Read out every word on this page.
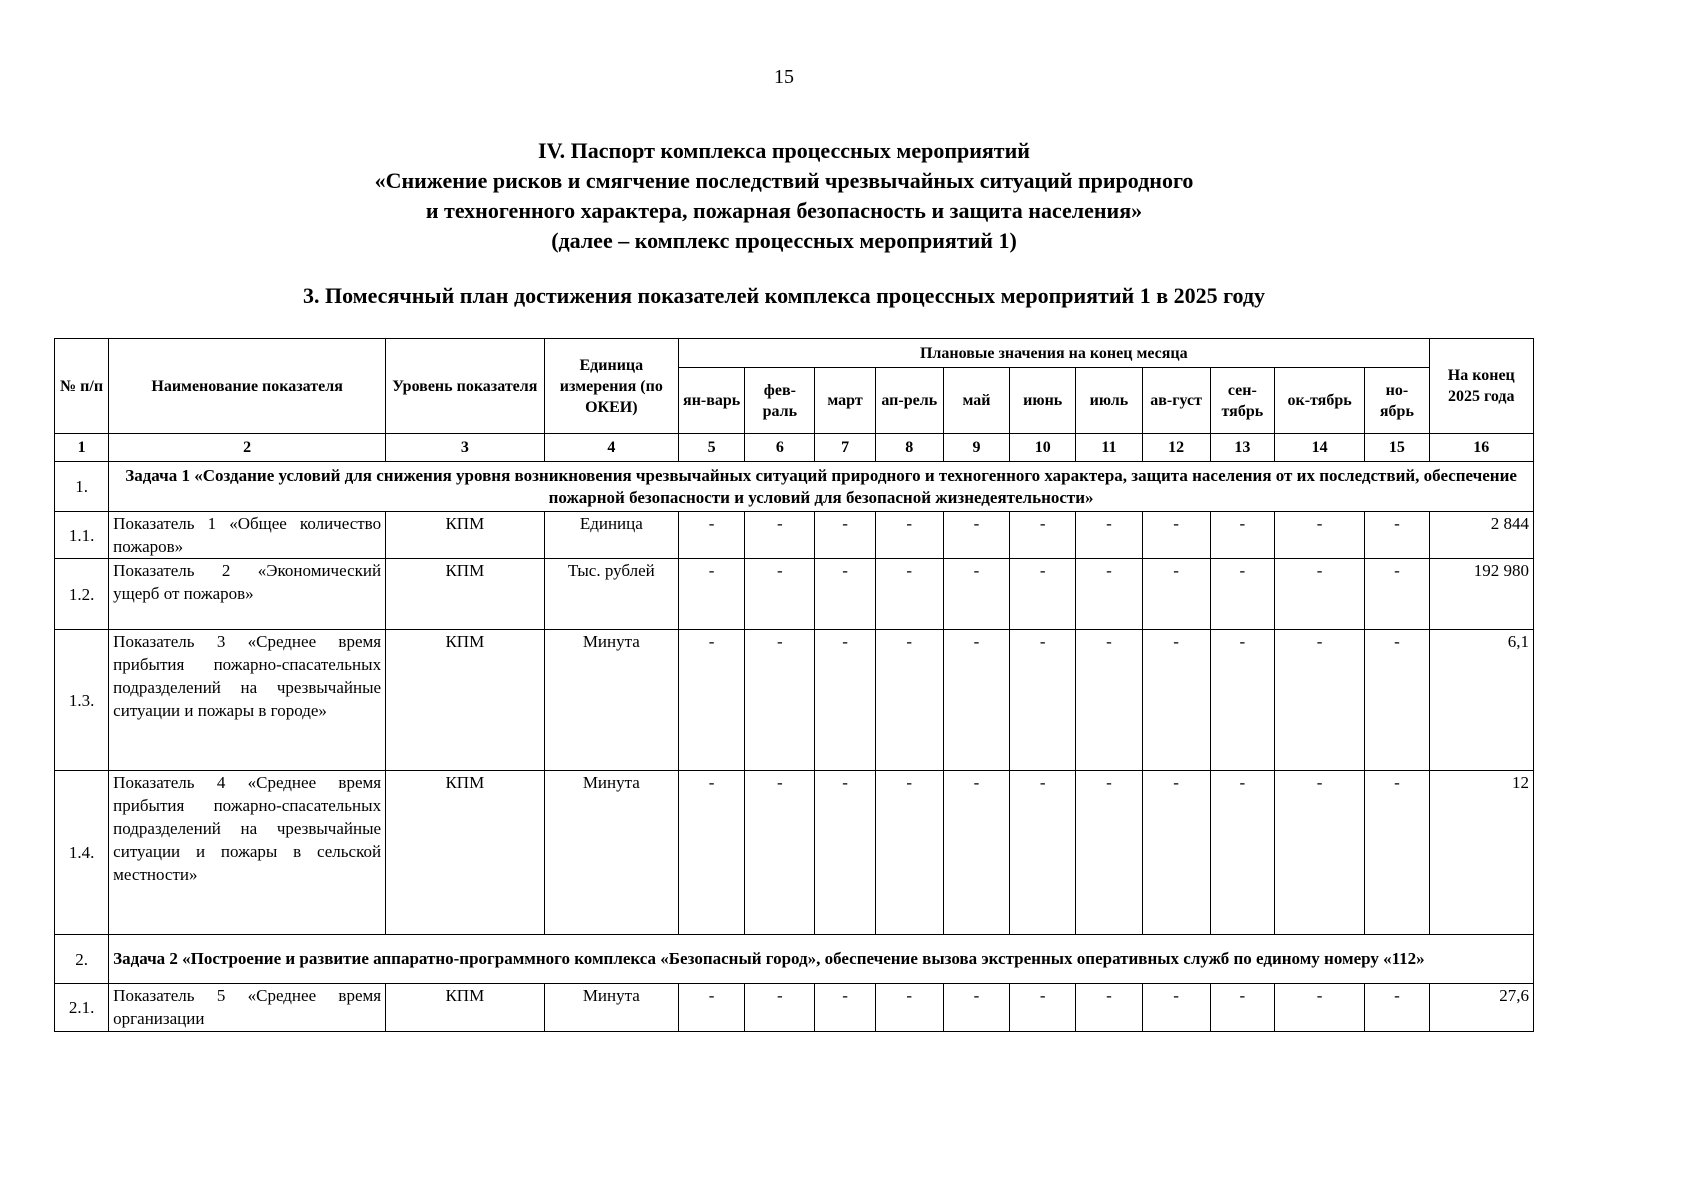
15
IV. Паспорт комплекса процессных мероприятий
«Снижение рисков и смягчение последствий чрезвычайных ситуаций природного
и техногенного характера, пожарная безопасность и защита населения»
(далее – комплекс процессных мероприятий 1)
3. Помесячный план достижения показателей комплекса процессных мероприятий 1 в 2025 году
№ п/п	Наименование показателя	Уровень показателя	Единица измерения (по ОКЕИ)	Плановые значения на конец месяца											На конец 2025 года
				ян-варь	фев-раль	март	ап-рель	май	июнь	июль	ав-густ	сен-тябрь	ок-тябрь	но-ябрь	
1	2	3	4	5	6	7	8	9	10	11	12	13	14	15	16
1.	Задача 1 «Создание условий для снижения уровня возникновения чрезвычайных ситуаций природного и техногенного характера, защита населения от их последствий, обеспечение пожарной безопасности и условий для безопасной жизнедеятельности»														
1.1.	Показатель 1 «Общее количество пожаров»	КПМ	Единица	-	-	-	-	-	-	-	-	-	-	-	2 844
1.2.	Показатель 2 «Экономический ущерб от пожаров»	КПМ	Тыс. рублей	-	-	-	-	-	-	-	-	-	-	-	192 980
1.3.	Показатель 3 «Среднее время прибытия пожарно-спасательных подразделений на чрезвычайные ситуации и пожары в городе»	КПМ	Минута	-	-	-	-	-	-	-	-	-	-	-	6,1
1.4.	Показатель 4 «Среднее время прибытия пожарно-спасательных подразделений на чрезвычайные ситуации и пожары в сельской местности»	КПМ	Минута	-	-	-	-	-	-	-	-	-	-	-	12
2.	Задача 2 «Построение и развитие аппаратно-программного комплекса «Безопасный город», обеспечение вызова экстренных оперативных служб по единому номеру «112»														
2.1.	Показатель 5 «Среднее время организации	КПМ	Минута	-	-	-	-	-	-	-	-	-	-	-	27,6
